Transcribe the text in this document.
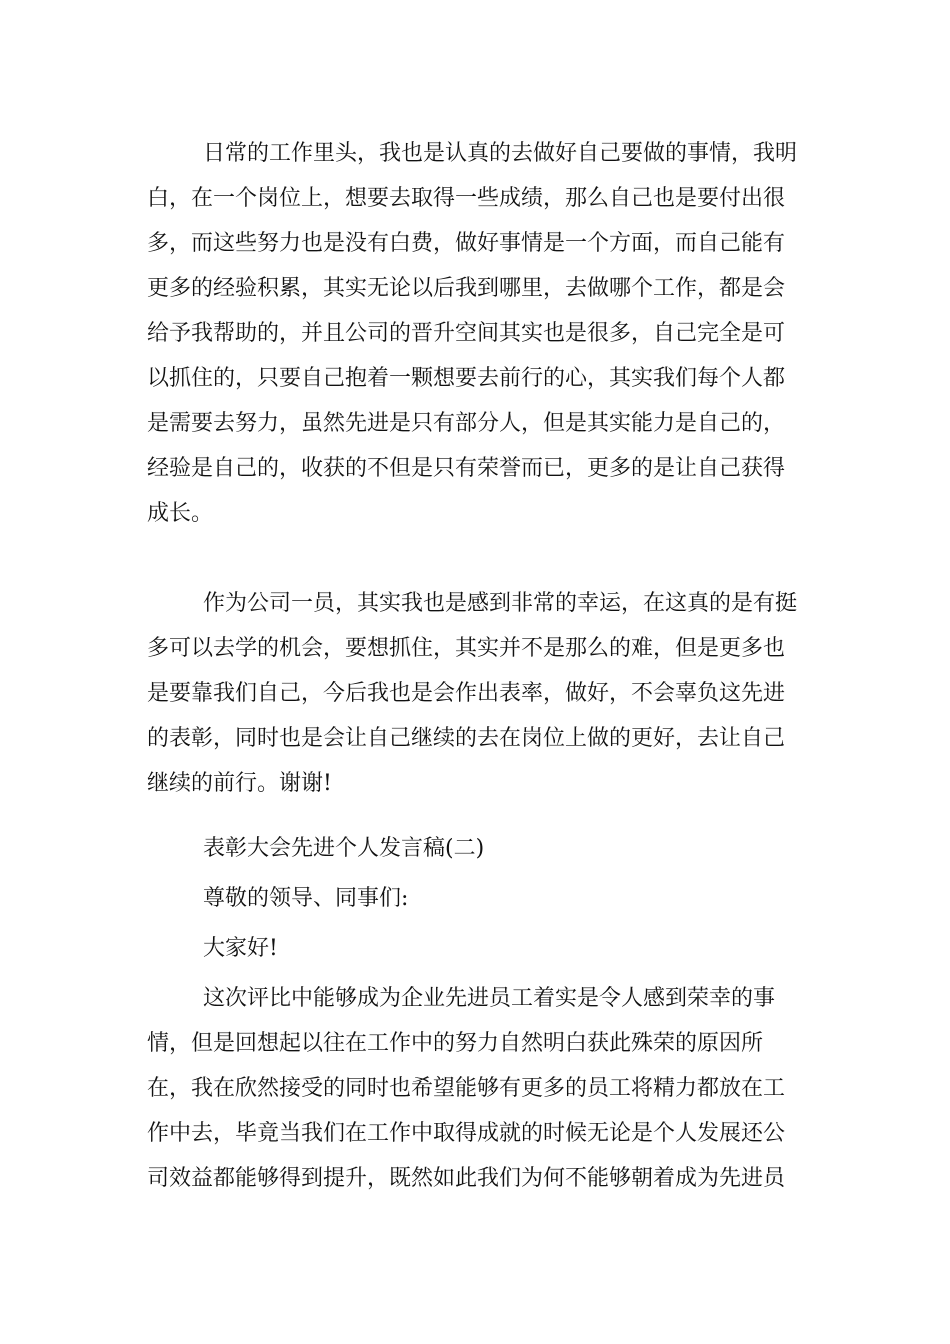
日常的工作里头，我也是认真的去做好自己要做的事情，我明
白，在一个岗位上，想要去取得一些成绩，那么自己也是要付出很
多，而这些努力也是没有白费，做好事情是一个方面，而自己能有
更多的经验积累，其实无论以后我到哪里，去做哪个工作，都是会
给予我帮助的，并且公司的晋升空间其实也是很多，自己完全是可
以抓住的，只要自己抱着一颗想要去前行的心，其实我们每个人都
是需要去努力，虽然先进是只有部分人，但是其实能力是自己的，
经验是自己的，收获的不但是只有荣誉而已，更多的是让自己获得
成长。
作为公司一员，其实我也是感到非常的幸运，在这真的是有挺
多可以去学的机会，要想抓住，其实并不是那么的难，但是更多也
是要靠我们自己，今后我也是会作出表率，做好，不会辜负这先进
的表彰，同时也是会让自己继续的去在岗位上做的更好，去让自己
继续的前行。谢谢!
表彰大会先进个人发言稿(二)
尊敬的领导、同事们:
大家好!
这次评比中能够成为企业先进员工着实是令人感到荣幸的事
情，但是回想起以往在工作中的努力自然明白获此殊荣的原因所
在，我在欣然接受的同时也希望能够有更多的员工将精力都放在工
作中去，毕竟当我们在工作中取得成就的时候无论是个人发展还公
司效益都能够得到提升，既然如此我们为何不能够朝着成为先进员
